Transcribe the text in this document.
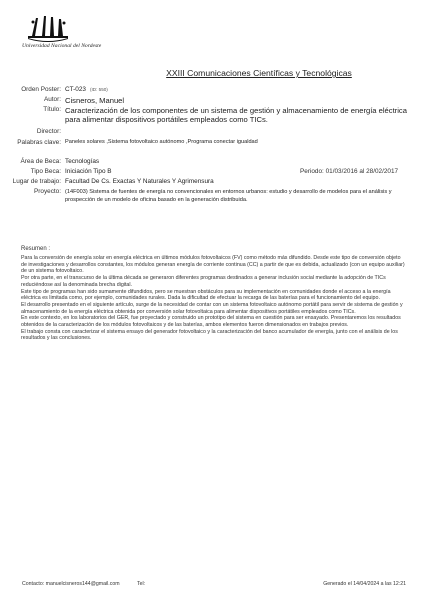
Universidad Nacional del Nordeste
XXIII Comunicaciones Científicas y Tecnológicas
Orden Poster: CT-023 (ID: 550)
Autor: Cisneros, Manuel
Título: Caracterización de los componentes de un sistema de gestión y almacenamiento de energía eléctrica para alimentar dispositivos portátiles empleados como TICs.
Director:
Palabras clave: Paneles solares ,Sistema fotovoltaico autónomo ,Programa conectar igualdad
Área de Beca: Tecnologías
Tipo Beca: Iniciación Tipo B	Periodo: 01/03/2016 al 28/02/2017
Lugar de trabajo: Facultad De Cs. Exactas Y Naturales Y Agrimensura
Proyecto: (14F003) Sistema de fuentes de energía no convencionales en entornos urbanos: estudio y desarrollo de modelos para el análisis y prospección de un modelo de oficina basado en la generación distribuida.
Resumen :

Para la conversión de energía solar en energía eléctrica en últimos módulos fotovoltaicos (FV) como método más difundido. Desde este tipo de conversión objeto de investigaciones y desarrollos constantes, los módulos generan energía de corriente continua (CC) a partir de que es debida, actualizado (con un equipo auxiliar) de un sistema fotovoltaico.

Por otra parte, en el transcurso de la última década se generaron diferentes programas destinados a generar inclusión social mediante la adopción de TICs reduciéndose así la denominada brecha digital.

Este tipo de programas han sido sumamente difundidos, pero se muestran obstáculos para su implementación en comunidades donde el acceso a la energía eléctrica es limitada como, por ejemplo, comunidades rurales. Dada la dificultad de efectuar la recarga de las baterías para el funcionamiento del equipo.

El desarrollo presentado en el siguiente artículo, surge de la necesidad de contar con un sistema fotovoltaico autónomo portátil para servir de sistema de gestión y almacenamiento de la energía eléctrica obtenida por conversión solar fotovoltaica para alimentar dispositivos portátiles empleados como TICs.

En este contexto, en los laboratorios del GER, fue proyectado y construido un prototipo del sistema en cuestión para ser ensayado. Presentaremos los resultados obtenidos de la caracterización de los módulos fotovoltaicos y de las baterías, ambos elementos fueron dimensionados en trabajos previos.

El trabajo consta con caracterizar el sistema ensayo del generador fotovoltaico y la caracterización del banco acumulador de energía, junto con el análisis de los resultados y las conclusiones.

Contacto: manuelcisneros144@gmail.com	Tel:	Generado el 14/04/2024 a las 12:21
